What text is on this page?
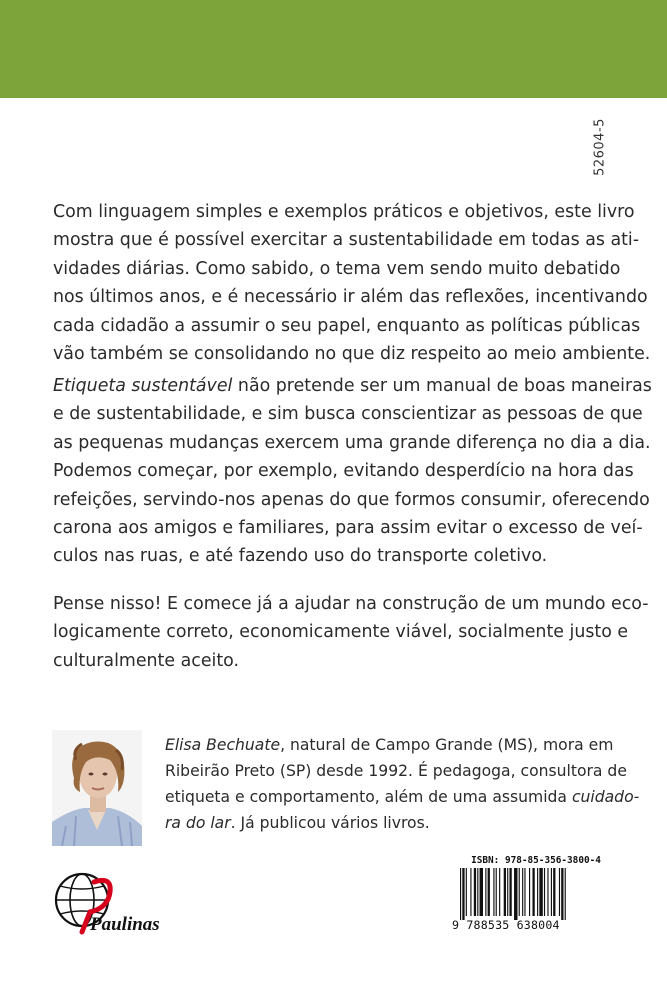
52604-5
Com linguagem simples e exemplos práticos e objetivos, este livro
mostra que é possível exercitar a sustentabilidade em todas as ati-
vidades diárias. Como sabido, o tema vem sendo muito debatido
nos últimos anos, e é necessário ir além das reflexões, incentivando
cada cidadão a assumir o seu papel, enquanto as políticas públicas
vão também se consolidando no que diz respeito ao meio ambiente.
Etiqueta sustentável não pretende ser um manual de boas maneiras
e de sustentabilidade, e sim busca conscientizar as pessoas de que
as pequenas mudanças exercem uma grande diferença no dia a dia.
Podemos começar, por exemplo, evitando desperdício na hora das
refeições, servindo-nos apenas do que formos consumir, oferecendo
carona aos amigos e familiares, para assim evitar o excesso de veí-
culos nas ruas, e até fazendo uso do transporte coletivo.
Pense nisso! E comece já a ajudar na construção de um mundo eco-
logicamente correto, economicamente viável, socialmente justo e
culturalmente aceito.
Elisa Bechuate, natural de Campo Grande (MS), mora em
Ribeirão Preto (SP) desde 1992. É pedagoga, consultora de
etiqueta e comportamento, além de uma assumida cuidado-
ra do lar. Já publicou vários livros.
Paulinas
ISBN: 978-85-356-3800-4
9 788535 638004
